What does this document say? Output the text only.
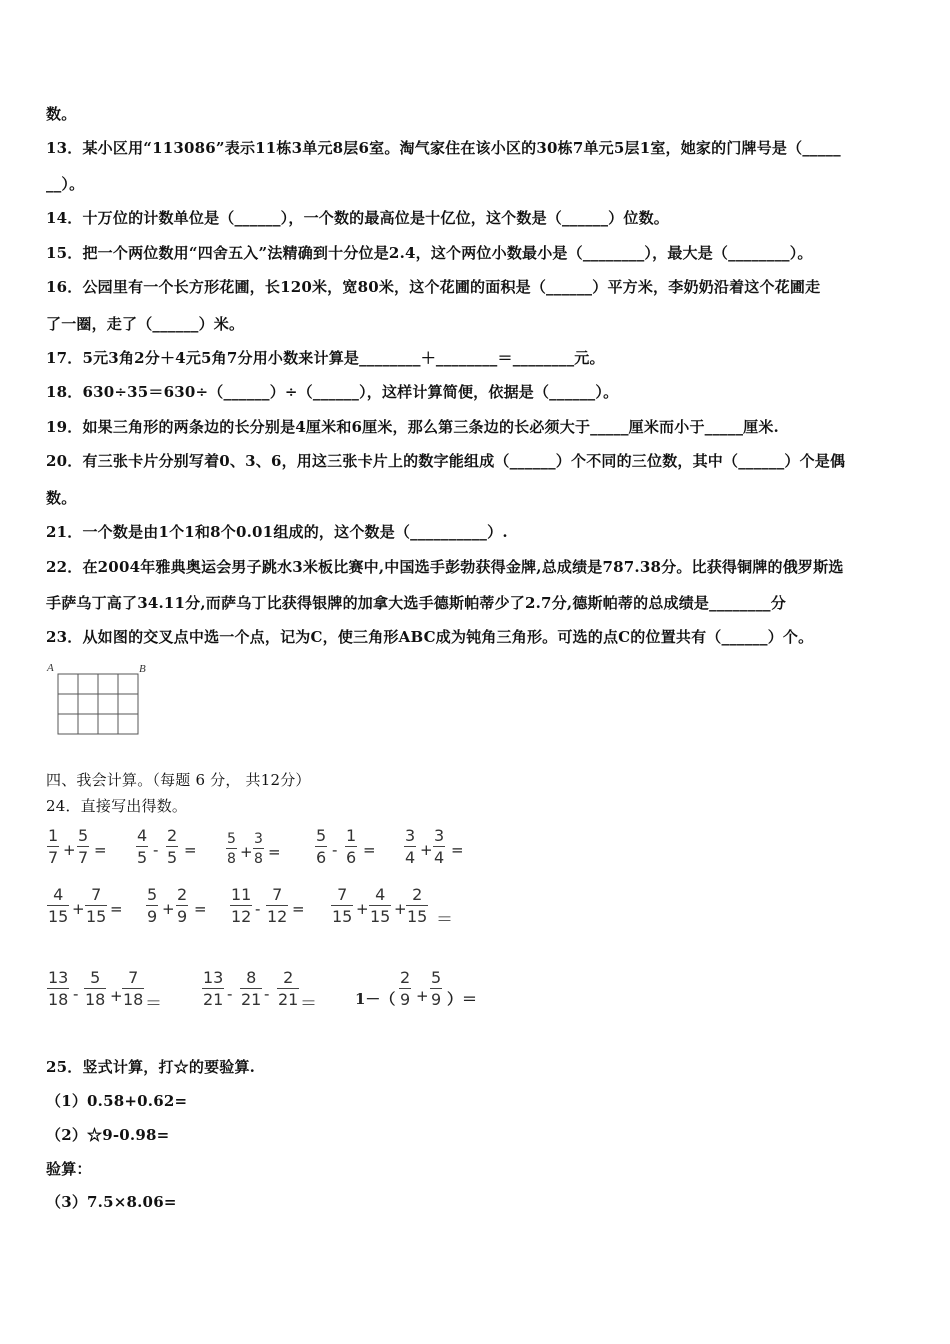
数。
13．某小区用“113086”表示11栋3单元8层6室。淘气家住在该小区的30栋7单元5层1室，她家的门牌号是（_____
__）。
14．十万位的计数单位是（______），一个数的最高位是十亿位，这个数是（______）位数。
15．把一个两位数用“四舍五入”法精确到十分位是2.4，这个两位小数最小是（________），最大是（________）。
16．公园里有一个长方形花圃，长120米，宽80米，这个花圃的面积是（______）平方米，李奶奶沿着这个花圃走
了一圈，走了（______）米。
17．5元3角2分＋4元5角7分用小数来计算是________＋________＝________元。
18．630÷35＝630÷（______）÷（______），这样计算简便，依据是（______）。
19．如果三角形的两条边的长分别是4厘米和6厘米，那么第三条边的长必须大于_____厘米而小于_____厘米.
20．有三张卡片分别写着0、3、6，用这三张卡片上的数字能组成（______）个不同的三位数，其中（______）个是偶
数。
21．一个数是由1个1和8个0.01组成的，这个数是（__________）.
22．在2004年雅典奥运会男子跳水3米板比赛中,中国选手彭勃获得金牌,总成绩是787.38分。比获得铜牌的俄罗斯选
手萨乌丁高了34.11分,而萨乌丁比获得银牌的加拿大选手德斯帕蒂少了2.7分,德斯帕蒂的总成绩是________分
23．从如图的交叉点中选一个点，记为C，使三角形ABC成为钝角三角形。可选的点C的位置共有（______）个。
A	B
四、我会计算。（每题 6 分， 共12分）
24．直接写出得数。
1
7 +
5
7 =
4
5 -
2
5 =
5
8 +
3
8 =
5
6 -
1
6 =
3
4 +
3
4 =
4
15 +
7
15 =
5
9 +
2
9 =
11
12 -
7
12 =
7
15 +
4
15 +
2
15 ＝
13
18 -
5
18 +
7
18 ＝
13
21 -
8
21 -
2
21 ＝	1－（
2
9 +
5
9 ）＝
25．竖式计算，打☆的要验算.
（1）0.58+0.62=
（2）☆9-0.98=
验算：
（3）7.5×8.06=
